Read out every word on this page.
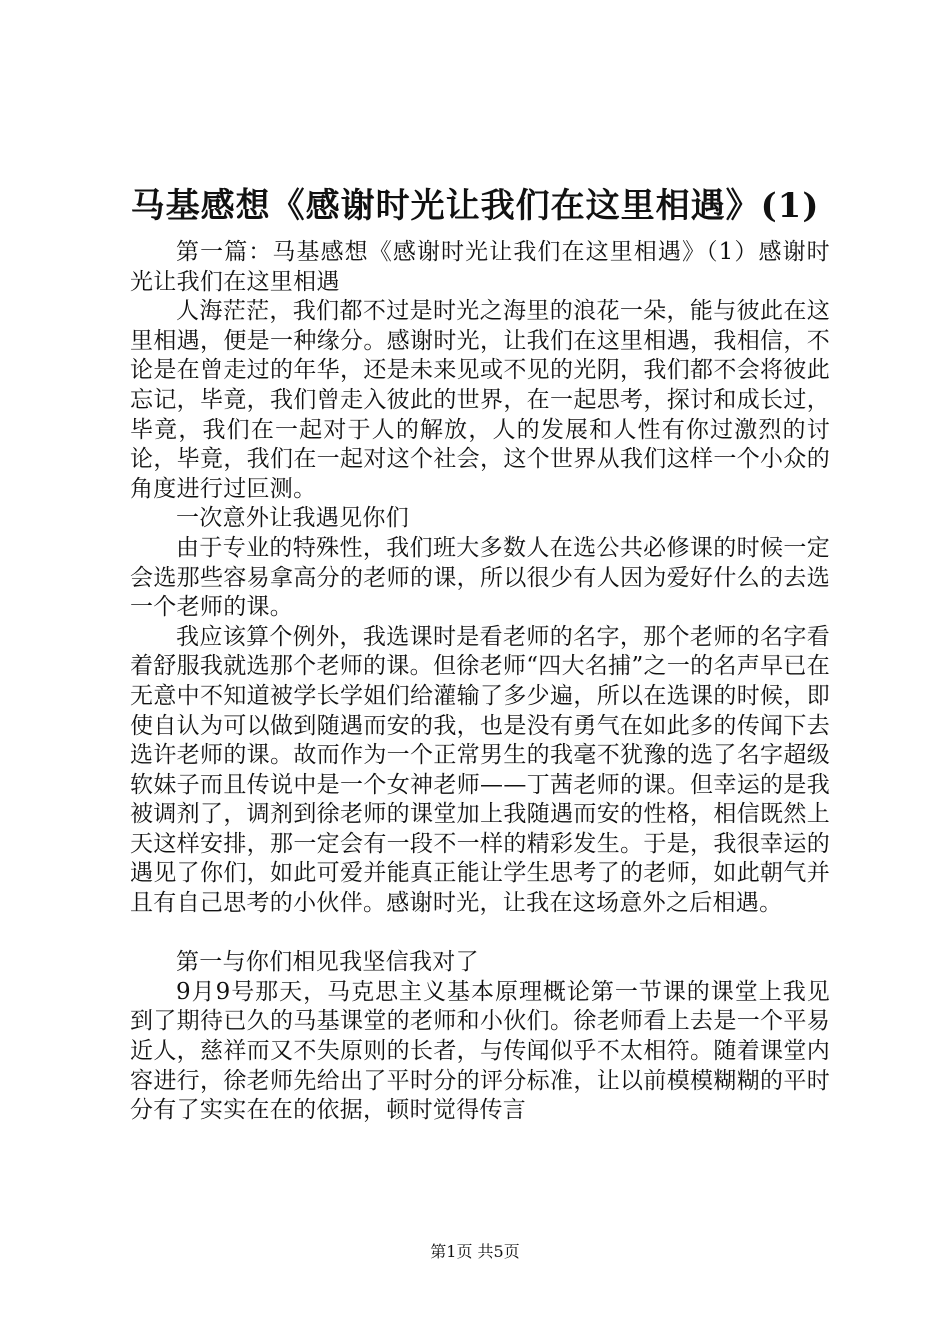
马基感想《感谢时光让我们在这里相遇》(1)

第一篇：马基感想《感谢时光让我们在这里相遇》（1）感谢时光让我们在这里相遇

人海茫茫，我们都不过是时光之海里的浪花一朵，能与彼此在这里相遇，便是一种缘分。感谢时光，让我们在这里相遇，我相信，不论是在曾走过的年华，还是未来见或不见的光阴，我们都不会将彼此忘记，毕竟，我们曾走入彼此的世界，在一起思考，探讨和成长过，毕竟，我们在一起对于人的解放，人的发展和人性有你过激烈的讨论，毕竟，我们在一起对这个社会，这个世界从我们这样一个小众的角度进行过叵测。

一次意外让我遇见你们

由于专业的特殊性，我们班大多数人在选公共必修课的时候一定会选那些容易拿高分的老师的课，所以很少有人因为爱好什么的去选一个老师的课。

我应该算个例外，我选课时是看老师的名字，那个老师的名字看着舒服我就选那个老师的课。但徐老师“四大名捕”之一的名声早已在无意中不知道被学长学姐们给灌输了多少遍，所以在选课的时候，即使自认为可以做到随遇而安的我，也是没有勇气在如此多的传闻下去选许老师的课。故而作为一个正常男生的我毫不犹豫的选了名字超级软妹子而且传说中是一个女神老师——丁茜老师的课。但幸运的是我被调剂了，调剂到徐老师的课堂加上我随遇而安的性格，相信既然上天这样安排，那一定会有一段不一样的精彩发生。于是，我很幸运的遇见了你们，如此可爱并能真正能让学生思考了的老师，如此朝气并且有自己思考的小伙伴。感谢时光，让我在这场意外之后相遇。

第一与你们相见我坚信我对了

9月9号那天，马克思主义基本原理概论第一节课的课堂上我见到了期待已久的马基课堂的老师和小伙们。徐老师看上去是一个平易近人，慈祥而又不失原则的长者，与传闻似乎不太相符。随着课堂内容进行，徐老师先给出了平时分的评分标准，让以前模模糊糊的平时分有了实实在在的依据，顿时觉得传言

第1页 共5页
